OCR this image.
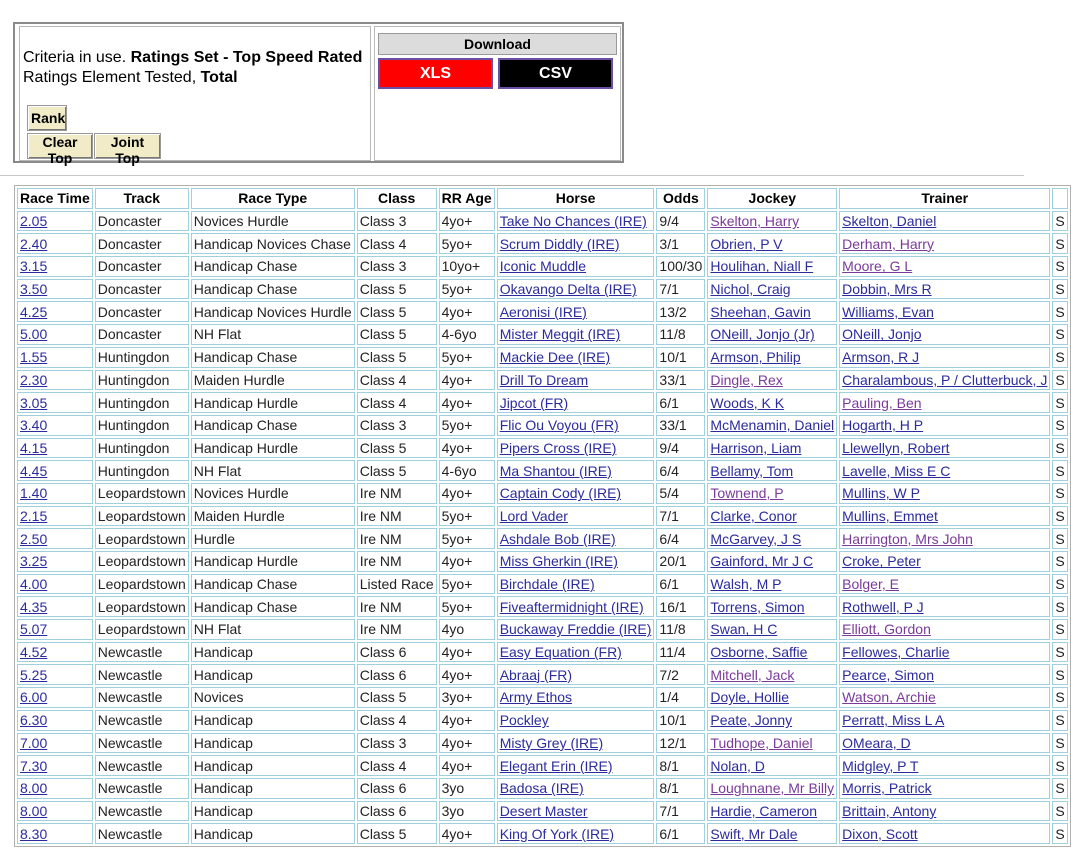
Criteria in use. Ratings Set - Top Speed Rated
Ratings Element Tested, Total
Rank
Clear Top
Joint Top
Download
XLS	CSV
Race Time	Track	Race Type	Class	RR Age	Horse	Odds	Jockey	Trainer	
2.05	Doncaster	Novices Hurdle	Class 3	4yo+	Take No Chances (IRE)	9/4	Skelton, Harry	Skelton, Daniel	S
2.40	Doncaster	Handicap Novices Chase	Class 4	5yo+	Scrum Diddly (IRE)	3/1	Obrien, P V	Derham, Harry	S
3.15	Doncaster	Handicap Chase	Class 3	10yo+	Iconic Muddle	100/30	Houlihan, Niall F	Moore, G L	S
3.50	Doncaster	Handicap Chase	Class 5	5yo+	Okavango Delta (IRE)	7/1	Nichol, Craig	Dobbin, Mrs R	S
4.25	Doncaster	Handicap Novices Hurdle	Class 5	4yo+	Aeronisi (IRE)	13/2	Sheehan, Gavin	Williams, Evan	S
5.00	Doncaster	NH Flat	Class 5	4-6yo	Mister Meggit (IRE)	11/8	ONeill, Jonjo (Jr)	ONeill, Jonjo	S
1.55	Huntingdon	Handicap Chase	Class 5	5yo+	Mackie Dee (IRE)	10/1	Armson, Philip	Armson, R J	S
2.30	Huntingdon	Maiden Hurdle	Class 4	4yo+	Drill To Dream	33/1	Dingle, Rex	Charalambous, P / Clutterbuck, J	S
3.05	Huntingdon	Handicap Hurdle	Class 4	4yo+	Jipcot (FR)	6/1	Woods, K K	Pauling, Ben	S
3.40	Huntingdon	Handicap Chase	Class 3	5yo+	Flic Ou Voyou (FR)	33/1	McMenamin, Daniel	Hogarth, H P	S
4.15	Huntingdon	Handicap Hurdle	Class 5	4yo+	Pipers Cross (IRE)	9/4	Harrison, Liam	Llewellyn, Robert	S
4.45	Huntingdon	NH Flat	Class 5	4-6yo	Ma Shantou (IRE)	6/4	Bellamy, Tom	Lavelle, Miss E C	S
1.40	Leopardstown	Novices Hurdle	Ire NM	4yo+	Captain Cody (IRE)	5/4	Townend, P	Mullins, W P	S
2.15	Leopardstown	Maiden Hurdle	Ire NM	5yo+	Lord Vader	7/1	Clarke, Conor	Mullins, Emmet	S
2.50	Leopardstown	Hurdle	Ire NM	5yo+	Ashdale Bob (IRE)	6/4	McGarvey, J S	Harrington, Mrs John	S
3.25	Leopardstown	Handicap Hurdle	Ire NM	4yo+	Miss Gherkin (IRE)	20/1	Gainford, Mr J C	Croke, Peter	S
4.00	Leopardstown	Handicap Chase	Listed Race	5yo+	Birchdale (IRE)	6/1	Walsh, M P	Bolger, E	S
4.35	Leopardstown	Handicap Chase	Ire NM	5yo+	Fiveaftermidnight (IRE)	16/1	Torrens, Simon	Rothwell, P J	S
5.07	Leopardstown	NH Flat	Ire NM	4yo	Buckaway Freddie (IRE)	11/8	Swan, H C	Elliott, Gordon	S
4.52	Newcastle	Handicap	Class 6	4yo+	Easy Equation (FR)	11/4	Osborne, Saffie	Fellowes, Charlie	S
5.25	Newcastle	Handicap	Class 6	4yo+	Abraaj (FR)	7/2	Mitchell, Jack	Pearce, Simon	S
6.00	Newcastle	Novices	Class 5	3yo+	Army Ethos	1/4	Doyle, Hollie	Watson, Archie	S
6.30	Newcastle	Handicap	Class 4	4yo+	Pockley	10/1	Peate, Jonny	Perratt, Miss L A	S
7.00	Newcastle	Handicap	Class 3	4yo+	Misty Grey (IRE)	12/1	Tudhope, Daniel	OMeara, D	S
7.30	Newcastle	Handicap	Class 4	4yo+	Elegant Erin (IRE)	8/1	Nolan, D	Midgley, P T	S
8.00	Newcastle	Handicap	Class 6	3yo	Badosa (IRE)	8/1	Loughnane, Mr Billy	Morris, Patrick	S
8.00	Newcastle	Handicap	Class 6	3yo	Desert Master	7/1	Hardie, Cameron	Brittain, Antony	S
8.30	Newcastle	Handicap	Class 5	4yo+	King Of York (IRE)	6/1	Swift, Mr Dale	Dixon, Scott	S
